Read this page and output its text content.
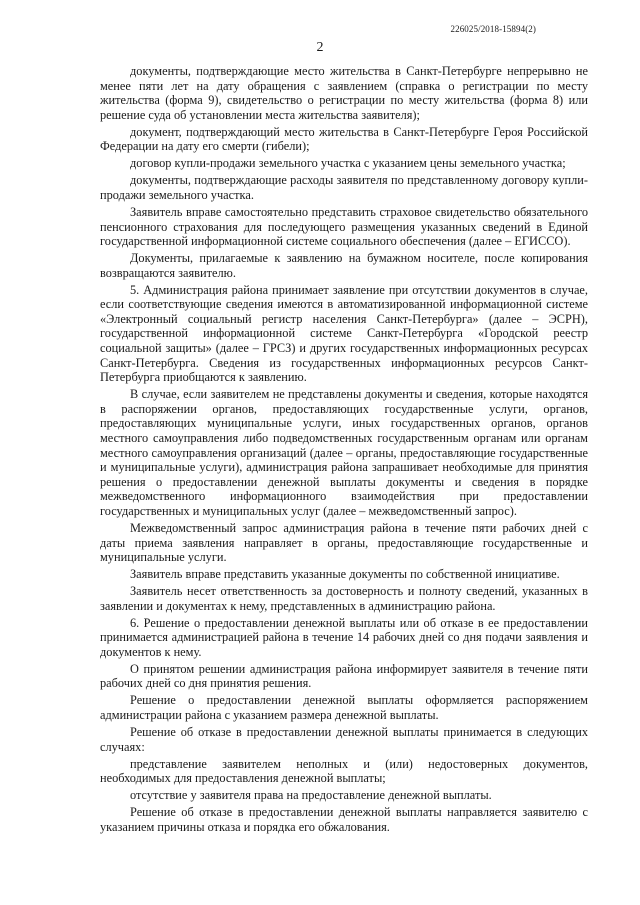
226025/2018-15894(2)
2

документы, подтверждающие место жительства в Санкт-Петербурге непрерывно не менее пяти лет на дату обращения с заявлением (справка о регистрации по месту жительства (форма 9), свидетельство о регистрации по месту жительства (форма 8) или решение суда об установлении места жительства заявителя);

документ, подтверждающий место жительства в Санкт-Петербурге Героя Российской Федерации на дату его смерти (гибели);

договор купли-продажи земельного участка с указанием цены земельного участка;

документы, подтверждающие расходы заявителя по представленному договору купли-продажи земельного участка.

Заявитель вправе самостоятельно представить страховое свидетельство обязательного пенсионного страхования для последующего размещения указанных сведений в Единой государственной информационной системе социального обеспечения (далее – ЕГИССО).

Документы, прилагаемые к заявлению на бумажном носителе, после копирования возвращаются заявителю.

5. Администрация района принимает заявление при отсутствии документов в случае, если соответствующие сведения имеются в автоматизированной информационной системе «Электронный социальный регистр населения Санкт-Петербурга» (далее – ЭСРН), государственной информационной системе Санкт-Петербурга «Городской реестр социальной защиты» (далее – ГРСЗ) и других государственных информационных ресурсах Санкт-Петербурга. Сведения из государственных информационных ресурсов Санкт-Петербурга приобщаются к заявлению.

В случае, если заявителем не представлены документы и сведения, которые находятся в распоряжении органов, предоставляющих государственные услуги, органов, предоставляющих муниципальные услуги, иных государственных органов, органов местного самоуправления либо подведомственных государственным органам или органам местного самоуправления организаций (далее – органы, предоставляющие государственные и муниципальные услуги), администрация района запрашивает необходимые для принятия решения о предоставлении денежной выплаты документы и сведения в порядке межведомственного информационного взаимодействия при предоставлении государственных и муниципальных услуг (далее – межведомственный запрос).

Межведомственный запрос администрация района в течение пяти рабочих дней с даты приема заявления направляет в органы, предоставляющие государственные и муниципальные услуги.

Заявитель вправе представить указанные документы по собственной инициативе.

Заявитель несет ответственность за достоверность и полноту сведений, указанных в заявлении и документах к нему, представленных в администрацию района.

6. Решение о предоставлении денежной выплаты или об отказе в ее предоставлении принимается администрацией района в течение 14 рабочих дней со дня подачи заявления и документов к нему.

О принятом решении администрация района информирует заявителя в течение пяти рабочих дней со дня принятия решения.

Решение о предоставлении денежной выплаты оформляется распоряжением администрации района с указанием размера денежной выплаты.

Решение об отказе в предоставлении денежной выплаты принимается в следующих случаях:

представление заявителем неполных и (или) недостоверных документов, необходимых для предоставления денежной выплаты;

отсутствие у заявителя права на предоставление денежной выплаты.

Решение об отказе в предоставлении денежной выплаты направляется заявителю с указанием причины отказа и порядка его обжалования.
